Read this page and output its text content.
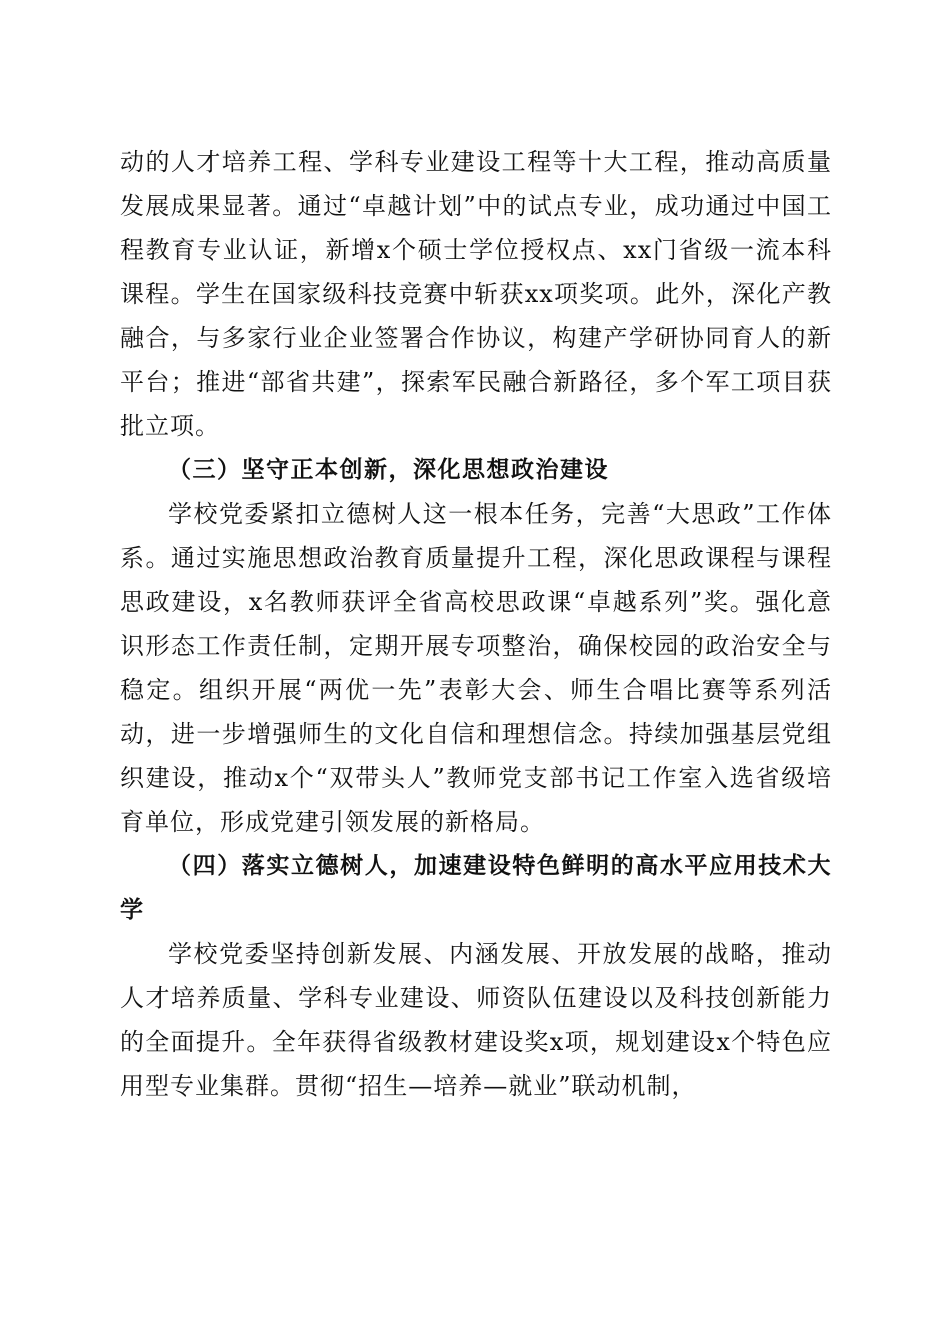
动的人才培养工程、学科专业建设工程等十大工程，推动高质量发展成果显著。通过“卓越计划”中的试点专业，成功通过中国工程教育专业认证，新增x个硕士学位授权点、xx门省级一流本科课程。学生在国家级科技竞赛中斩获xx项奖项。此外，深化产教融合，与多家行业企业签署合作协议，构建产学研协同育人的新平台；推进“部省共建”，探索军民融合新路径，多个军工项目获批立项。

（三）坚守正本创新，深化思想政治建设

学校党委紧扣立德树人这一根本任务，完善“大思政”工作体系。通过实施思想政治教育质量提升工程，深化思政课程与课程思政建设，x名教师获评全省高校思政课“卓越系列”奖。强化意识形态工作责任制，定期开展专项整治，确保校园的政治安全与稳定。组织开展“两优一先”表彰大会、师生合唱比赛等系列活动，进一步增强师生的文化自信和理想信念。持续加强基层党组织建设，推动x个“双带头人”教师党支部书记工作室入选省级培育单位，形成党建引领发展的新格局。

（四）落实立德树人，加速建设特色鲜明的高水平应用技术大学

学校党委坚持创新发展、内涵发展、开放发展的战略，推动人才培养质量、学科专业建设、师资队伍建设以及科技创新能力的全面提升。全年获得省级教材建设奖x项，规划建设x个特色应用型专业集群。贯彻“招生—培养—就业”联动机制，
